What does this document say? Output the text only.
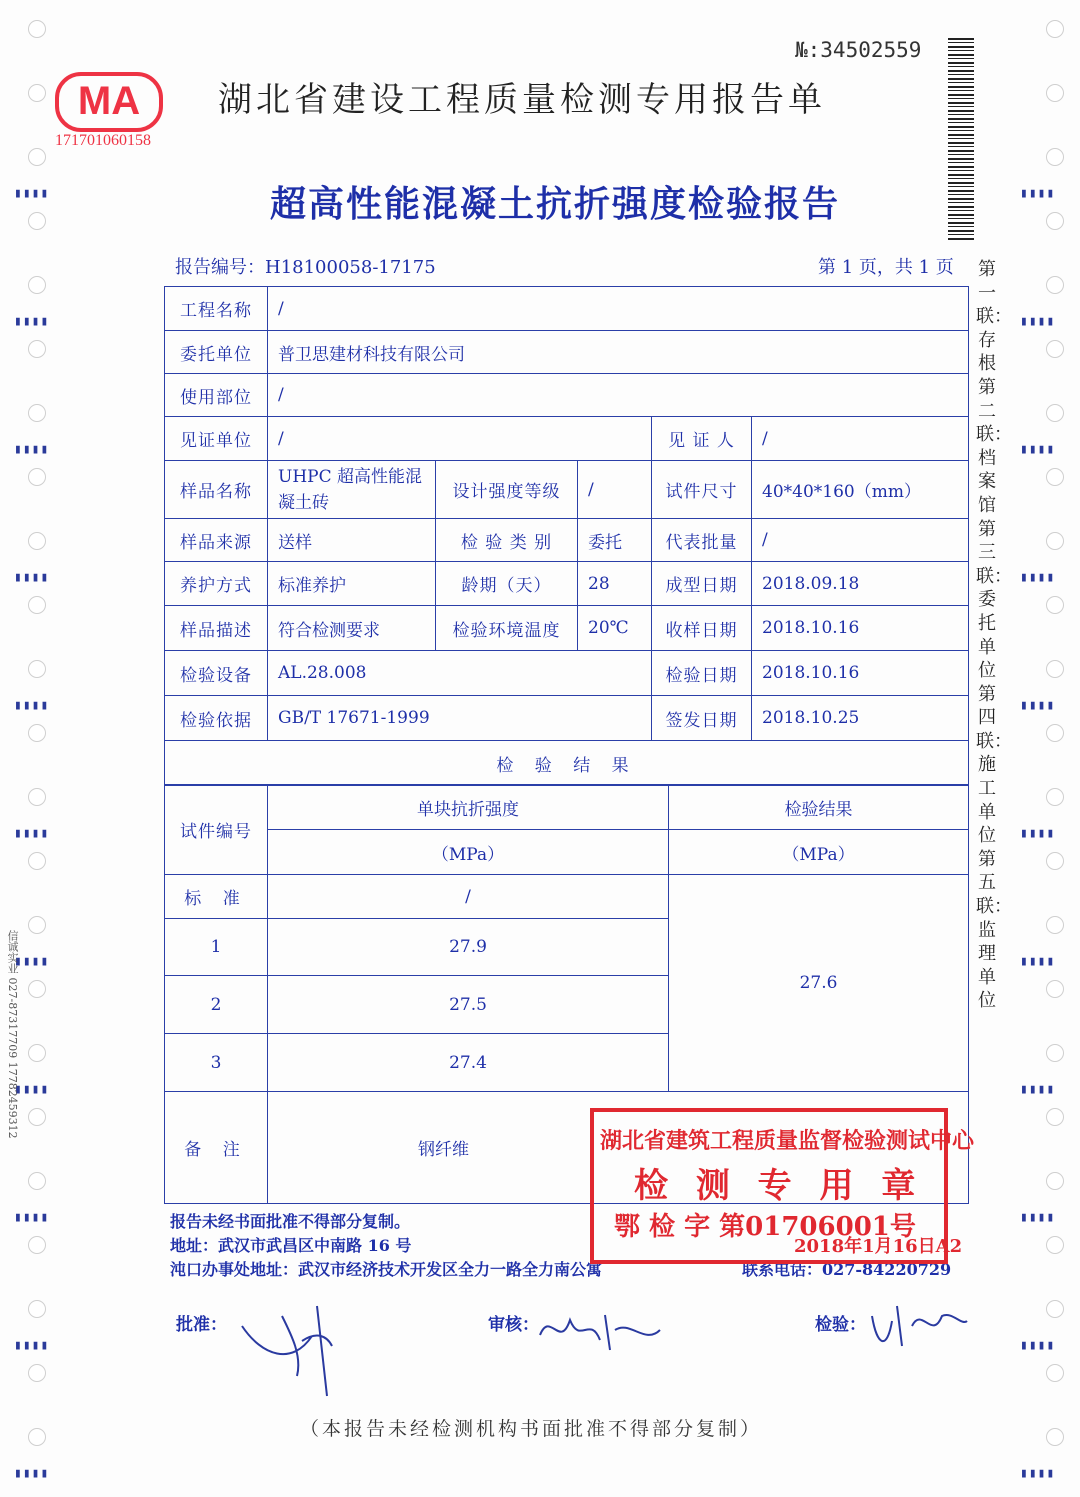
▮▮▮▮
▮▮▮▮
▮▮▮▮
▮▮▮▮
▮▮▮▮
▮▮▮▮
▮▮▮▮
▮▮▮▮
▮▮▮▮
▮▮▮▮
▮▮▮▮
▮▮▮▮
▮▮▮▮
▮▮▮▮
▮▮▮▮
▮▮▮▮
▮▮▮▮
▮▮▮▮
▮▮▮▮
▮▮▮▮
▮▮▮▮
▮▮▮▮
信诚实业 027-87317709 17782459312
MA
171701060158
№:34502559
湖北省建设工程质量检测专用报告单
超高性能混凝土抗折强度检验报告
报告编号：H18100058-17175	第 1 页，共 1 页 第一联：存根 第二联：档案馆 第三联：委托单位 第四联：施工单位 第五联：监理单位
工程名称	/				
委托单位	普卫思建材科技有限公司				
使用部位	/				
见证单位	/			见 证 人	/
样品名称	UHPC 超高性能混凝土砖	设计强度等级	/	试件尺寸	40*40*160（mm）
样品来源	送样	检 验 类 别	委托	代表批量	/
养护方式	标准养护	龄期（天）	28	成型日期	2018.09.18
样品描述	符合检测要求	检验环境温度	20℃	收样日期	2018.10.16
检验设备	AL.28.008			检验日期	2018.10.16
检验依据	GB/T 17671-1999			签发日期	2018.10.25
检 验 结 果					
试件编号	单块抗折强度	检验结果
	（MPa）	（MPa）
标 准	/	27.6
1	27.9	
2	27.5	
3	27.4	
备 注	钢纤维	
报告未经书面批准不得部分复制。
地址：武汉市武昌区中南路 16 号
沌口办事处地址：武汉市经济技术开发区全力一路全力南公寓	联系电话：027-84220729
湖北省建筑工程质量监督检验测试中心
检 测 专 用 章
鄂 检 字 第01706001号
2018年1月16日A2
批准：	审核：	检验：
（本报告未经检测机构书面批准不得部分复制）
